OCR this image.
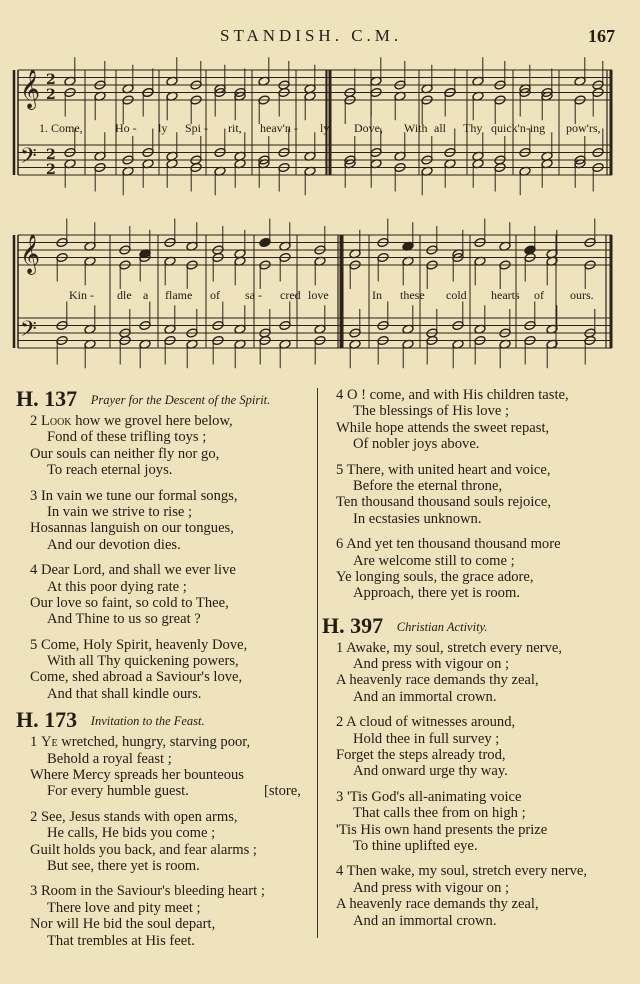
STANDISH. C.M.	167
𝄞
𝄞
𝄢
𝄢
2
2
2
2
1. Come,	Ho - ly Spi - rit, heav'n - ly Dove, With all Thy quick'n-ing pow'rs,
Kin - dle a flame of sa - cred love	In these cold hearts of ours.
H. 137 Prayer for the Descent of the Spirit.
2 Look how we grovel here below,
Fond of these trifling toys ;
Our souls can neither fly nor go,
To reach eternal joys.
3 In vain we tune our formal songs,
In vain we strive to rise ;
Hosannas languish on our tongues,
And our devotion dies.
4 Dear Lord, and shall we ever live
At this poor dying rate ;
Our love so faint, so cold to Thee,
And Thine to us so great ?
5 Come, Holy Spirit, heavenly Dove,
With all Thy quickening powers,
Come, shed abroad a Saviour's love,
And that shall kindle ours.
H. 173 Invitation to the Feast.
1 Ye wretched, hungry, starving poor,
Behold a royal feast ;
Where Mercy spreads her bounteous
For every humble guest.	[store,
2 See, Jesus stands with open arms,
He calls, He bids you come ;
Guilt holds you back, and fear alarms ;
But see, there yet is room.
3 Room in the Saviour's bleeding heart ;
There love and pity meet ;
Nor will He bid the soul depart,
That trembles at His feet.
4 O ! come, and with His children taste,
The blessings of His love ;
While hope attends the sweet repast,
Of nobler joys above.
5 There, with united heart and voice,
Before the eternal throne,
Ten thousand thousand souls rejoice,
In ecstasies unknown.
6 And yet ten thousand thousand more
Are welcome still to come ;
Ye longing souls, the grace adore,
Approach, there yet is room.
H. 397 Christian Activity.
1 Awake, my soul, stretch every nerve,
And press with vigour on ;
A heavenly race demands thy zeal,
And an immortal crown.
2 A cloud of witnesses around,
Hold thee in full survey ;
Forget the steps already trod,
And onward urge thy way.
3 'Tis God's all-animating voice
That calls thee from on high ;
'Tis His own hand presents the prize
To thine uplifted eye.
4 Then wake, my soul, stretch every nerve,
And press with vigour on ;
A heavenly race demands thy zeal,
And an immortal crown.
